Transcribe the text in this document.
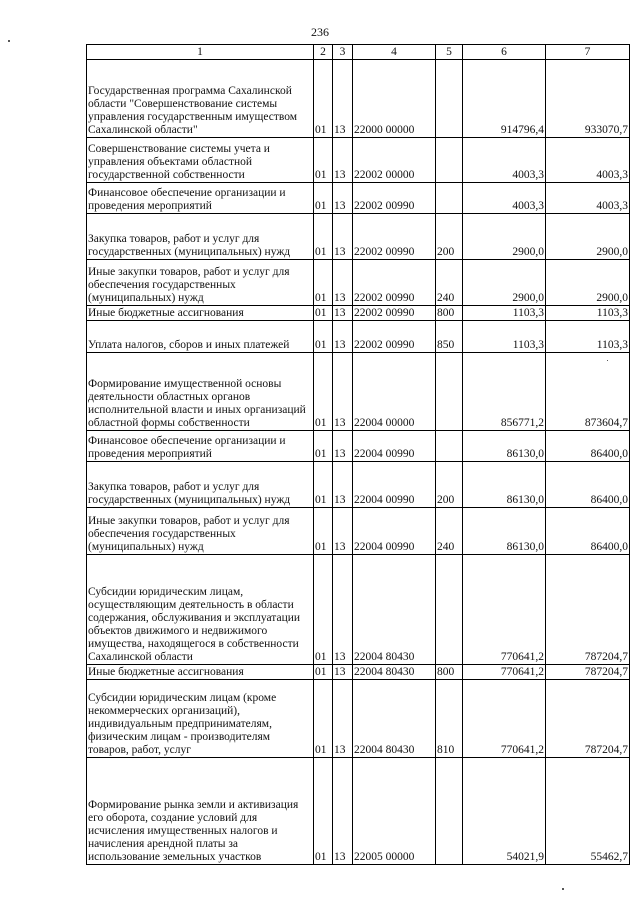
236
1	2	3	4	5	6	7
Государственная программа Сахалинской области "Совершенствование системы управления государственным имуществом Сахалинской области"	01	13	22000 00000		914796,4	933070,7
Совершенствование системы учета и управления объектами областной государственной собственности	01	13	22002 00000		4003,3	4003,3
Финансовое обеспечение организации и проведения мероприятий	01	13	22002 00990		4003,3	4003,3
Закупка товаров, работ и услуг для государственных (муниципальных) нужд	01	13	22002 00990	200	2900,0	2900,0
Иные закупки товаров, работ и услуг для обеспечения государственных (муниципальных) нужд	01	13	22002 00990	240	2900,0	2900,0
Иные бюджетные ассигнования	01	13	22002 00990	800	1103,3	1103,3
Уплата налогов, сборов и иных платежей	01	13	22002 00990	850	1103,3	1103,3
Формирование имущественной основы деятельности областных органов исполнительной власти и иных организаций областной формы собственности	01	13	22004 00000		856771,2	873604,7
Финансовое обеспечение организации и проведения мероприятий	01	13	22004 00990		86130,0	86400,0
Закупка товаров, работ и услуг для государственных (муниципальных) нужд	01	13	22004 00990	200	86130,0	86400,0
Иные закупки товаров, работ и услуг для обеспечения государственных (муниципальных) нужд	01	13	22004 00990	240	86130,0	86400,0
Субсидии юридическим лицам, осуществляющим деятельность в области содержания, обслуживания и эксплуатации объектов движимого и недвижимого имущества, находящегося в собственности Сахалинской области	01	13	22004 80430		770641,2	787204,7
Иные бюджетные ассигнования	01	13	22004 80430	800	770641,2	787204,7
Субсидии юридическим лицам (кроме некоммерческих организаций), индивидуальным предпринимателям, физическим лицам - производителям товаров, работ, услуг	01	13	22004 80430	810	770641,2	787204,7
Формирование рынка земли и активизация его оборота, создание условий для исчисления имущественных налогов и начисления арендной платы за использование земельных участков	01	13	22005 00000		54021,9	55462,7
